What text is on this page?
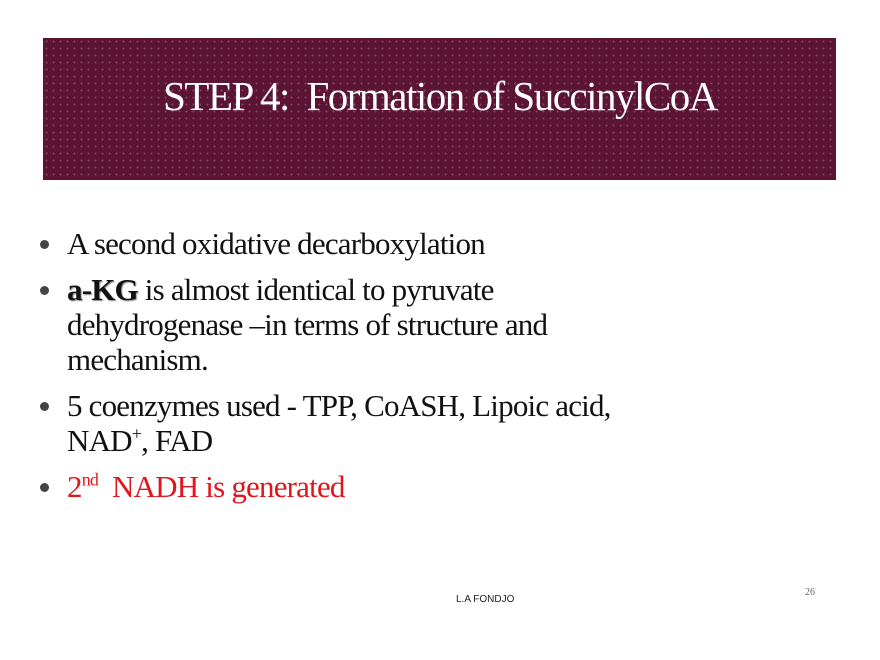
STEP 4:  Formation of SuccinylCoA
A second oxidative decarboxylation
a-KG is almost identical to pyruvate
dehydrogenase –in terms of structure and
mechanism.
5 coenzymes used - TPP, CoASH, Lipoic acid,
NAD+, FAD
2nd  NADH is generated
26
L.A FONDJO
